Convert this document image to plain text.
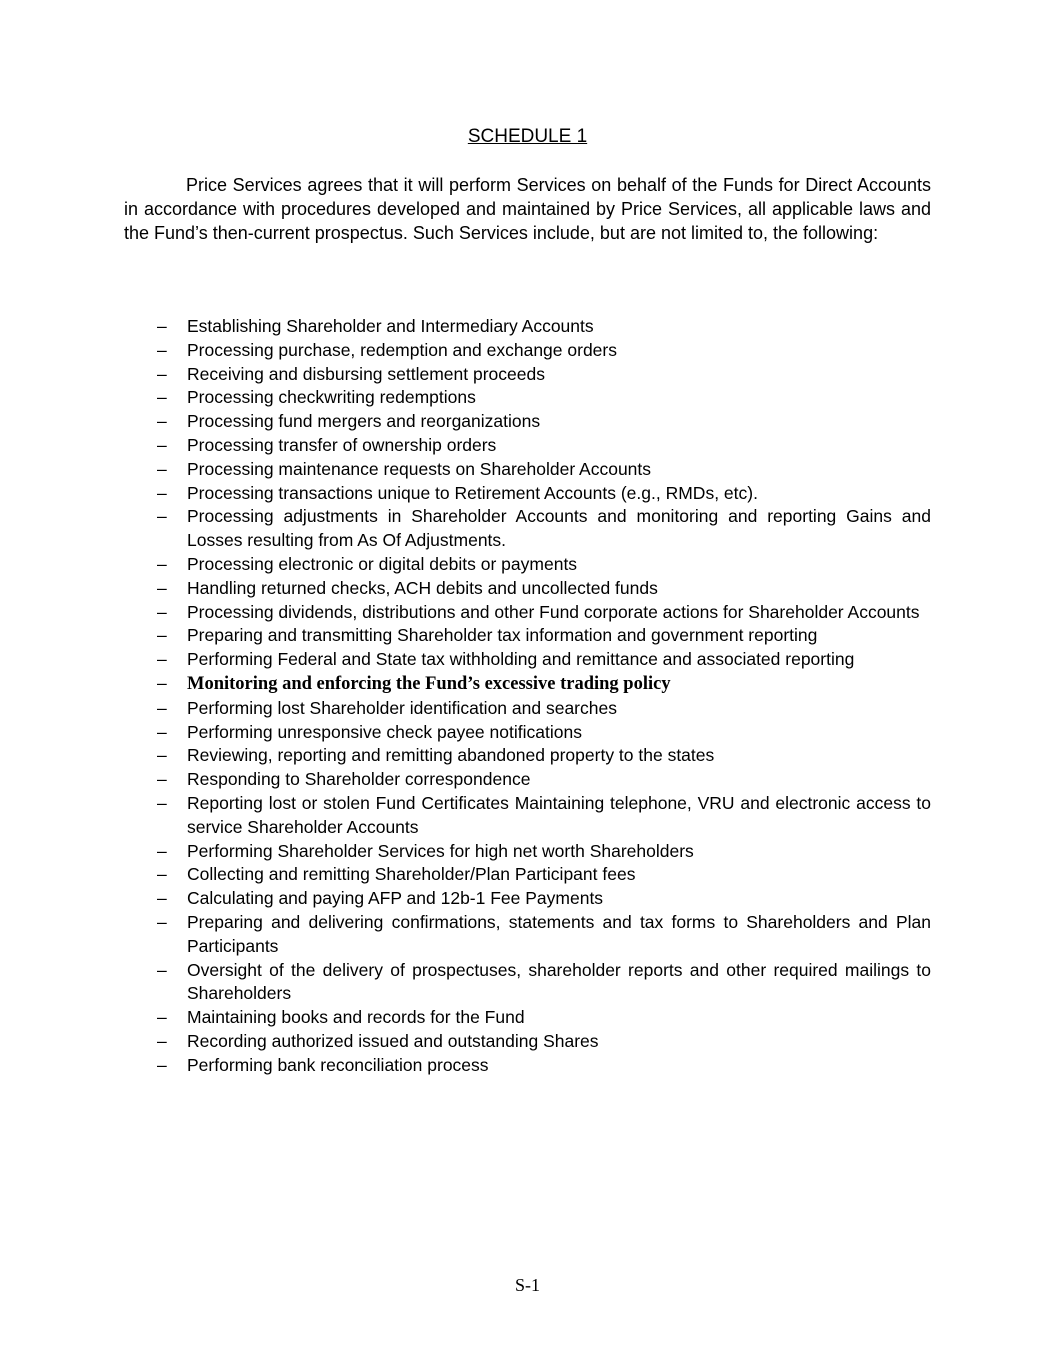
SCHEDULE 1

Price Services agrees that it will perform Services on behalf of the Funds for Direct Accounts in accordance with procedures developed and maintained by Price Services, all applicable laws and the Fund’s then-current prospectus. Such Services include, but are not limited to, the following:

– Establishing Shareholder and Intermediary Accounts
– Processing purchase, redemption and exchange orders
– Receiving and disbursing settlement proceeds
– Processing checkwriting redemptions
– Processing fund mergers and reorganizations
– Processing transfer of ownership orders
– Processing maintenance requests on Shareholder Accounts
– Processing transactions unique to Retirement Accounts (e.g., RMDs, etc).
– Processing adjustments in Shareholder Accounts and monitoring and reporting Gains and Losses resulting from As Of Adjustments.
– Processing electronic or digital debits or payments
– Handling returned checks, ACH debits and uncollected funds
– Processing dividends, distributions and other Fund corporate actions for Shareholder Accounts
– Preparing and transmitting Shareholder tax information and government reporting
– Performing Federal and State tax withholding and remittance and associated reporting
– Monitoring and enforcing the Fund’s excessive trading policy
– Performing lost Shareholder identification and searches
– Performing unresponsive check payee notifications
– Reviewing, reporting and remitting abandoned property to the states
– Responding to Shareholder correspondence
– Reporting lost or stolen Fund Certificates Maintaining telephone, VRU and electronic access to service Shareholder Accounts
– Performing Shareholder Services for high net worth Shareholders
– Collecting and remitting Shareholder/Plan Participant fees
– Calculating and paying AFP and 12b-1 Fee Payments
– Preparing and delivering confirmations, statements and tax forms to Shareholders and Plan Participants
– Oversight of the delivery of prospectuses, shareholder reports and other required mailings to Shareholders
– Maintaining books and records for the Fund
– Recording authorized issued and outstanding Shares
– Performing bank reconciliation process
S-1
